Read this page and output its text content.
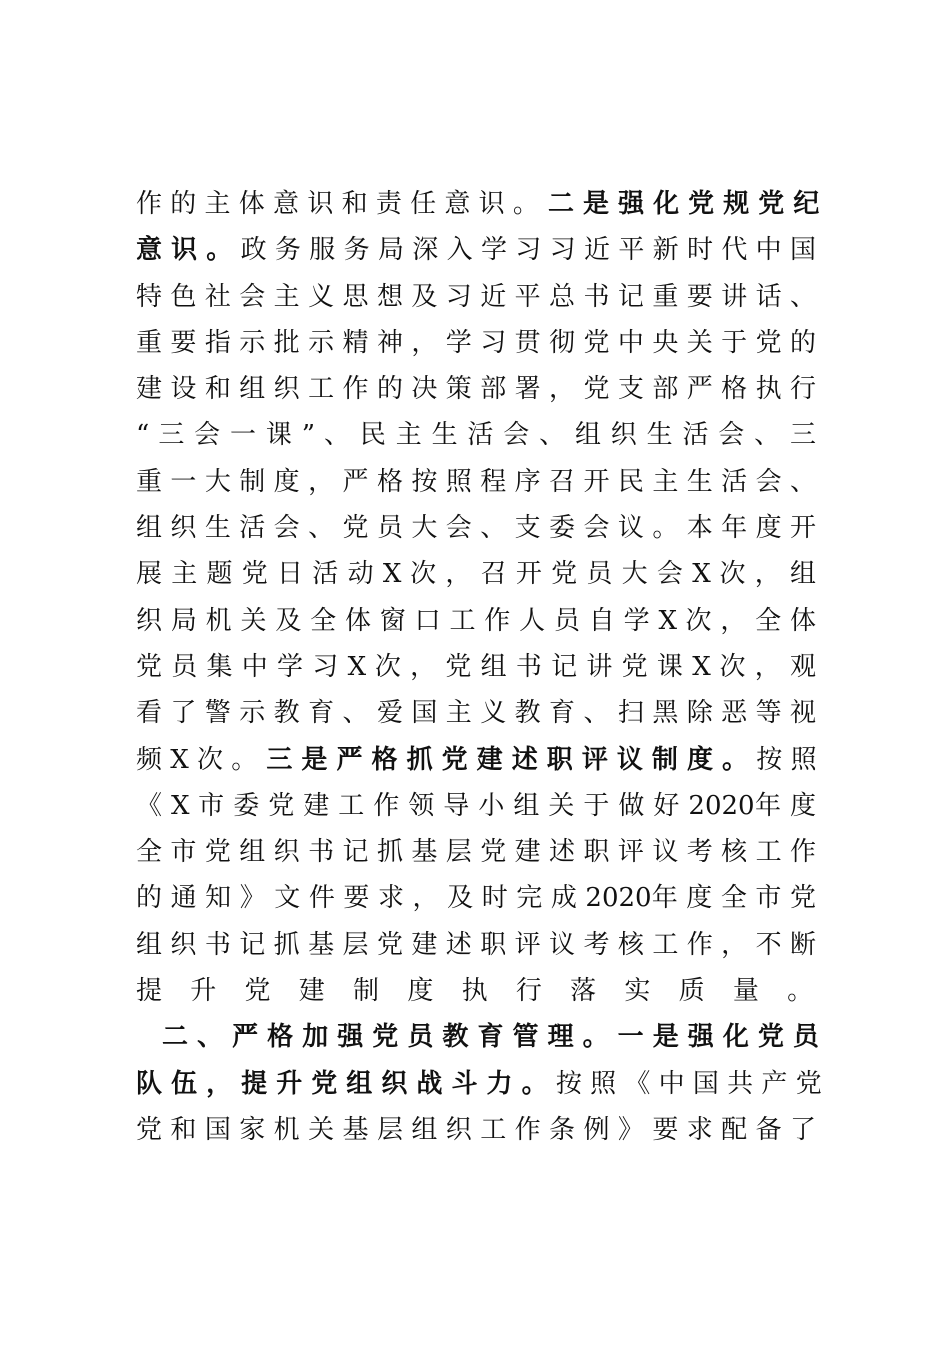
作 的 主 体 意 识 和 责 任 意 识 。 二 是 强 化 党 规 党 纪
意 识 。 政 务 服 务 局 深 入 学 习 习 近 平 新 时 代 中 国
特 色 社 会 主 义 思 想 及 习 近 平 总 书 记 重 要 讲 话 、
重 要 指 示 批 示 精 神 ， 学 习 贯 彻 党 中 央 关 于 党 的
建 设 和 组 织 工 作 的 决 策 部 署 ， 党 支 部 严 格 执 行
“ 三 会 一 课 ” 、 民 主 生 活 会 、 组 织 生 活 会 、 三
重 一 大 制 度 ， 严 格 按 照 程 序 召 开 民 主 生 活 会 、
组 织 生 活 会 、 党 员 大 会 、 支 委 会 议 。 本 年 度 开
展 主 题 党 日 活 动 X 次 ， 召 开 党 员 大 会 X 次 ， 组
织 局 机 关 及 全 体 窗 口 工 作 人 员 自 学 X 次 ， 全 体
党 员 集 中 学 习 X 次 ， 党 组 书 记 讲 党 课 X 次 ， 观
看 了 警 示 教 育 、 爱 国 主 义 教 育 、 扫 黑 除 恶 等 视
频 X 次 。 三 是 严 格 抓 党 建 述 职 评 议 制 度 。 按 照
《 X 市 委 党 建 工 作 领 导 小 组 关 于 做 好 2020年 度
全 市 党 组 织 书 记 抓 基 层 党 建 述 职 评 议 考 核 工 作
的 通 知 》 文 件 要 求 ， 及 时 完 成 2020年 度 全 市 党
组 织 书 记 抓 基 层 党 建 述 职 评 议 考 核 工 作 ， 不 断
提 升 党 建 制 度 执 行 落 实 质 量 。
　二 、 严 格 加 强 党 员 教 育 管 理 。 一 是 强 化 党 员
队 伍 ， 提 升 党 组 织 战 斗 力 。 按 照 《 中 国 共 产 党
党 和 国 家 机 关 基 层 组 织 工 作 条 例 》 要 求 配 备 了
